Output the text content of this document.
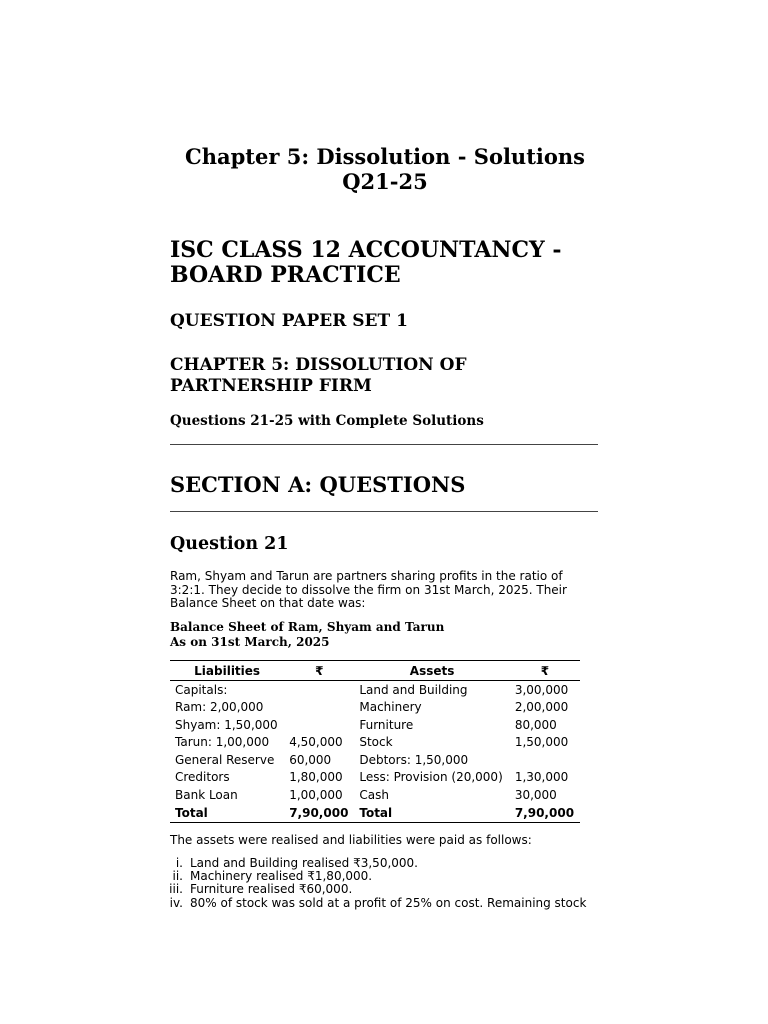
Chapter 5: Dissolution - Solutions
Q21-25
ISC CLASS 12 ACCOUNTANCY -
BOARD PRACTICE
QUESTION PAPER SET 1
CHAPTER 5: DISSOLUTION OF
PARTNERSHIP FIRM
Questions 21-25 with Complete Solutions
SECTION A: QUESTIONS
Question 21
Ram, Shyam and Tarun are partners sharing profits in the ratio of
3:2:1. They decide to dissolve the firm on 31st March, 2025. Their
Balance Sheet on that date was:
Balance Sheet of Ram, Shyam and Tarun
As on 31st March, 2025
Liabilities	₹	Assets	₹
Capitals:		Land and Building	3,00,000
Ram: 2,00,000		Machinery	2,00,000
Shyam: 1,50,000		Furniture	80,000
Tarun: 1,00,000	4,50,000	Stock	1,50,000
General Reserve	60,000	Debtors: 1,50,000	
Creditors	1,80,000	Less: Provision (20,000)	1,30,000
Bank Loan	1,00,000	Cash	30,000
Total	7,90,000	Total	7,90,000
The assets were realised and liabilities were paid as follows:
i. Land and Building realised ₹3,50,000.
ii. Machinery realised ₹1,80,000.
iii. Furniture realised ₹60,000.
iv. 80% of stock was sold at a profit of 25% on cost. Remaining stock
